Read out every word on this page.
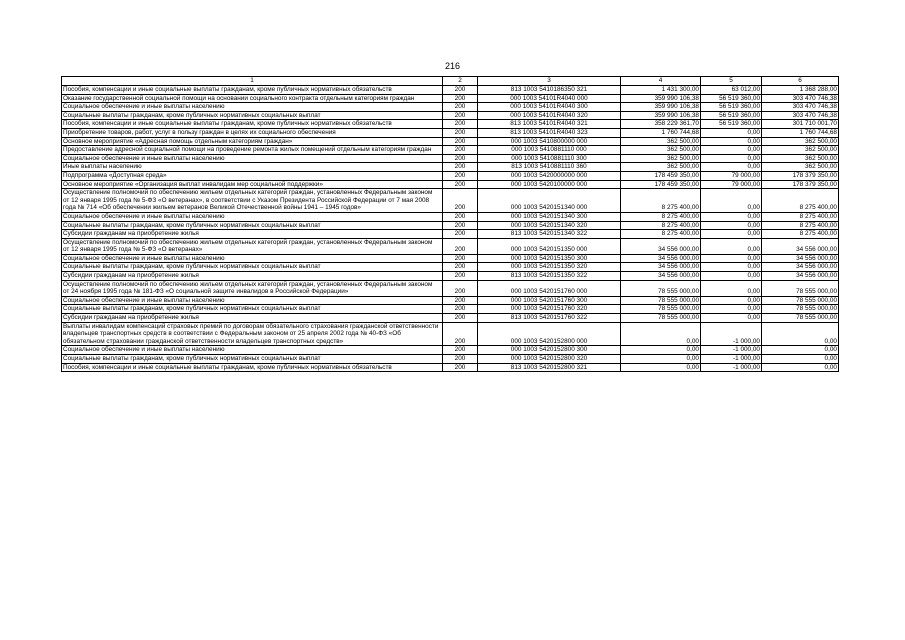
216
1	2	3	4	5	6
Пособия, компенсации и иные социальные выплаты гражданам, кроме публичных нормативных обязательств	200	813 1003 5410186350 321	1 431 300,00	63 012,00	1 368 288,00
Оказание государственной социальной помощи на основании социального контракта отдельным категориям граждан	200	000 1003 54101R4040 000	359 990 106,38	56 519 360,00	303 470 746,38
Социальное обеспечение и иные выплаты населению	200	000 1003 54101R4040 300	359 990 106,38	56 519 360,00	303 470 746,38
Социальные выплаты гражданам, кроме публичных нормативных социальных выплат	200	000 1003 54101R4040 320	359 990 106,38	56 519 360,00	303 470 746,38
Пособия, компенсации и иные социальные выплаты гражданам, кроме публичных нормативных обязательств	200	813 1003 54101R4040 321	358 229 361,70	56 519 360,00	301 710 001,70
Приобретение товаров, работ, услуг в пользу граждан в целях их социального обеспечения	200	813 1003 54101R4040 323	1 760 744,68	0,00	1 760 744,68
Основное мероприятие «Адресная помощь отдельным категориям граждан»	200	000 1003 5410800000 000	362 500,00	0,00	362 500,00
Предоставление адресной социальной помощи на проведение ремонта жилых помещений отдельным категориям граждан	200	000 1003 5410881110 000	362 500,00	0,00	362 500,00
Социальное обеспечение и иные выплаты населению	200	000 1003 5410881110 300	362 500,00	0,00	362 500,00
Иные выплаты населению	200	813 1003 5410881110 360	362 500,00	0,00	362 500,00
Подпрограмма «Доступная среда»	200	000 1003 5420000000 000	178 459 350,00	79 000,00	178 379 350,00
Основное мероприятие «Организация выплат инвалидам мер социальной поддержки»	200	000 1003 5420100000 000	178 459 350,00	79 000,00	178 379 350,00
Осуществление полномочий по обеспечению жильем отдельных категорий граждан, установленных Федеральным законом от 12 января 1995 года № 5-ФЗ «О ветеранах», в соответствии с Указом Президента Российской Федерации от 7 мая 2008 года № 714 «Об обеспечении жильем ветеранов Великой Отечественной войны 1941 – 1945 годов»	200	000 1003 5420151340 000	8 275 400,00	0,00	8 275 400,00
Социальное обеспечение и иные выплаты населению	200	000 1003 5420151340 300	8 275 400,00	0,00	8 275 400,00
Социальные выплаты гражданам, кроме публичных нормативных социальных выплат	200	000 1003 5420151340 320	8 275 400,00	0,00	8 275 400,00
Субсидии гражданам на приобретение жилья	200	813 1003 5420151340 322	8 275 400,00	0,00	8 275 400,00
Осуществление полномочий по обеспечению жильем отдельных категорий граждан, установленных Федеральным законом от 12 января 1995 года № 5-ФЗ «О ветеранах»	200	000 1003 5420151350 000	34 556 000,00	0,00	34 556 000,00
Социальное обеспечение и иные выплаты населению	200	000 1003 5420151350 300	34 556 000,00	0,00	34 556 000,00
Социальные выплаты гражданам, кроме публичных нормативных социальных выплат	200	000 1003 5420151350 320	34 556 000,00	0,00	34 556 000,00
Субсидии гражданам на приобретение жилья	200	813 1003 5420151350 322	34 556 000,00	0,00	34 556 000,00
Осуществление полномочий по обеспечению жильем отдельных категорий граждан, установленных Федеральным законом от 24 ноября 1995 года № 181-ФЗ «О социальной защите инвалидов в Российской Федерации»	200	000 1003 5420151760 000	78 555 000,00	0,00	78 555 000,00
Социальное обеспечение и иные выплаты населению	200	000 1003 5420151760 300	78 555 000,00	0,00	78 555 000,00
Социальные выплаты гражданам, кроме публичных нормативных социальных выплат	200	000 1003 5420151760 320	78 555 000,00	0,00	78 555 000,00
Субсидии гражданам на приобретение жилья	200	813 1003 5420151760 322	78 555 000,00	0,00	78 555 000,00
Выплаты инвалидам компенсаций страховых премий по договорам обязательного страхования гражданской ответственности владельцев транспортных средств в соответствии с Федеральным законом от 25 апреля 2002 года № 40-ФЗ «Об обязательном страховании гражданской ответственности владельцев транспортных средств»	200	000 1003 5420152800 000	0,00	-1 000,00	0,00
Социальное обеспечение и иные выплаты населению	200	000 1003 5420152800 300	0,00	-1 000,00	0,00
Социальные выплаты гражданам, кроме публичных нормативных социальных выплат	200	000 1003 5420152800 320	0,00	-1 000,00	0,00
Пособия, компенсации и иные социальные выплаты гражданам, кроме публичных нормативных обязательств	200	813 1003 5420152800 321	0,00	-1 000,00	0,00
